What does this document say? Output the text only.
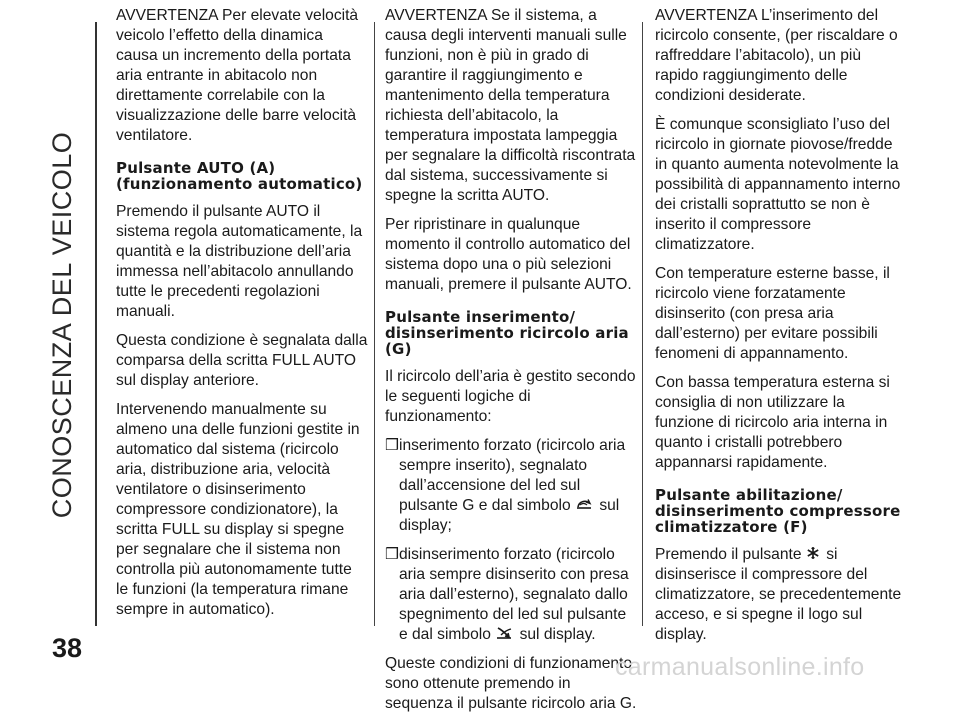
CONOSCENZA DEL VEICOLO

AVVERTENZA Per elevate velocità veicolo l’effetto della dinamica causa un incremento della portata aria entrante in abitacolo non direttamente correlabile con la visualizzazione delle barre velocità ventilatore.

Pulsante AUTO (A) (funzionamento automatico)

Premendo il pulsante AUTO il sistema regola automaticamente, la quantità e la distribuzione dell’aria immessa nell’abitacolo annullando tutte le precedenti regolazioni manuali.

Questa condizione è segnalata dalla comparsa della scritta FULL AUTO sul display anteriore.

Intervenendo manualmente su almeno una delle funzioni gestite in automatico dal sistema (ricircolo aria, distribuzione aria, velocità ventilatore o disinserimento compressore condizionatore), la scritta FULL su display si spegne per segnalare che il sistema non controlla più autonomamente tutte le funzioni (la temperatura rimane sempre in automatico).

AVVERTENZA Se il sistema, a causa degli interventi manuali sulle funzioni, non è più in grado di garantire il raggiungimento e mantenimento della temperatura richiesta dell’abitacolo, la temperatura impostata lampeggia per segnalare la difficoltà riscontrata dal sistema, successivamente si spegne la scritta AUTO.

Per ripristinare in qualunque momento il controllo automatico del sistema dopo una o più selezioni manuali, premere il pulsante AUTO.

Pulsante inserimento/ disinserimento ricircolo aria (G)

Il ricircolo dell’aria è gestito secondo le seguenti logiche di funzionamento:

❒ inserimento forzato (ricircolo aria sempre inserito), segnalato dall’accensione del led sul pulsante G e dal simbolo sul display;
❒ disinserimento forzato (ricircolo aria sempre disinserito con presa aria dall’esterno), segnalato dallo spegnimento del led sul pulsante e dal simbolo sul display.

Queste condizioni di funzionamento sono ottenute premendo in sequenza il pulsante ricircolo aria G.

AVVERTENZA L’inserimento del ricircolo consente, (per riscaldare o raffreddare l’abitacolo), un più rapido raggiungimento delle condizioni desiderate.

È comunque sconsigliato l’uso del ricircolo in giornate piovose/fredde in quanto aumenta notevolmente la possibilità di appannamento interno dei cristalli soprattutto se non è inserito il compressore climatizzatore.

Con temperature esterne basse, il ricircolo viene forzatamente disinserito (con presa aria dall’esterno) per evitare possibili fenomeni di appannamento.

Con bassa temperatura esterna si consiglia di non utilizzare la funzione di ricircolo aria interna in quanto i cristalli potrebbero appannarsi rapidamente.

Pulsante abilitazione/ disinserimento compressore climatizzatore (F)

Premendo il pulsante si disinserisce il compressore del climatizzatore, se precedentemente acceso, e si spegne il logo sul display.

38
carmanualsonline.info
